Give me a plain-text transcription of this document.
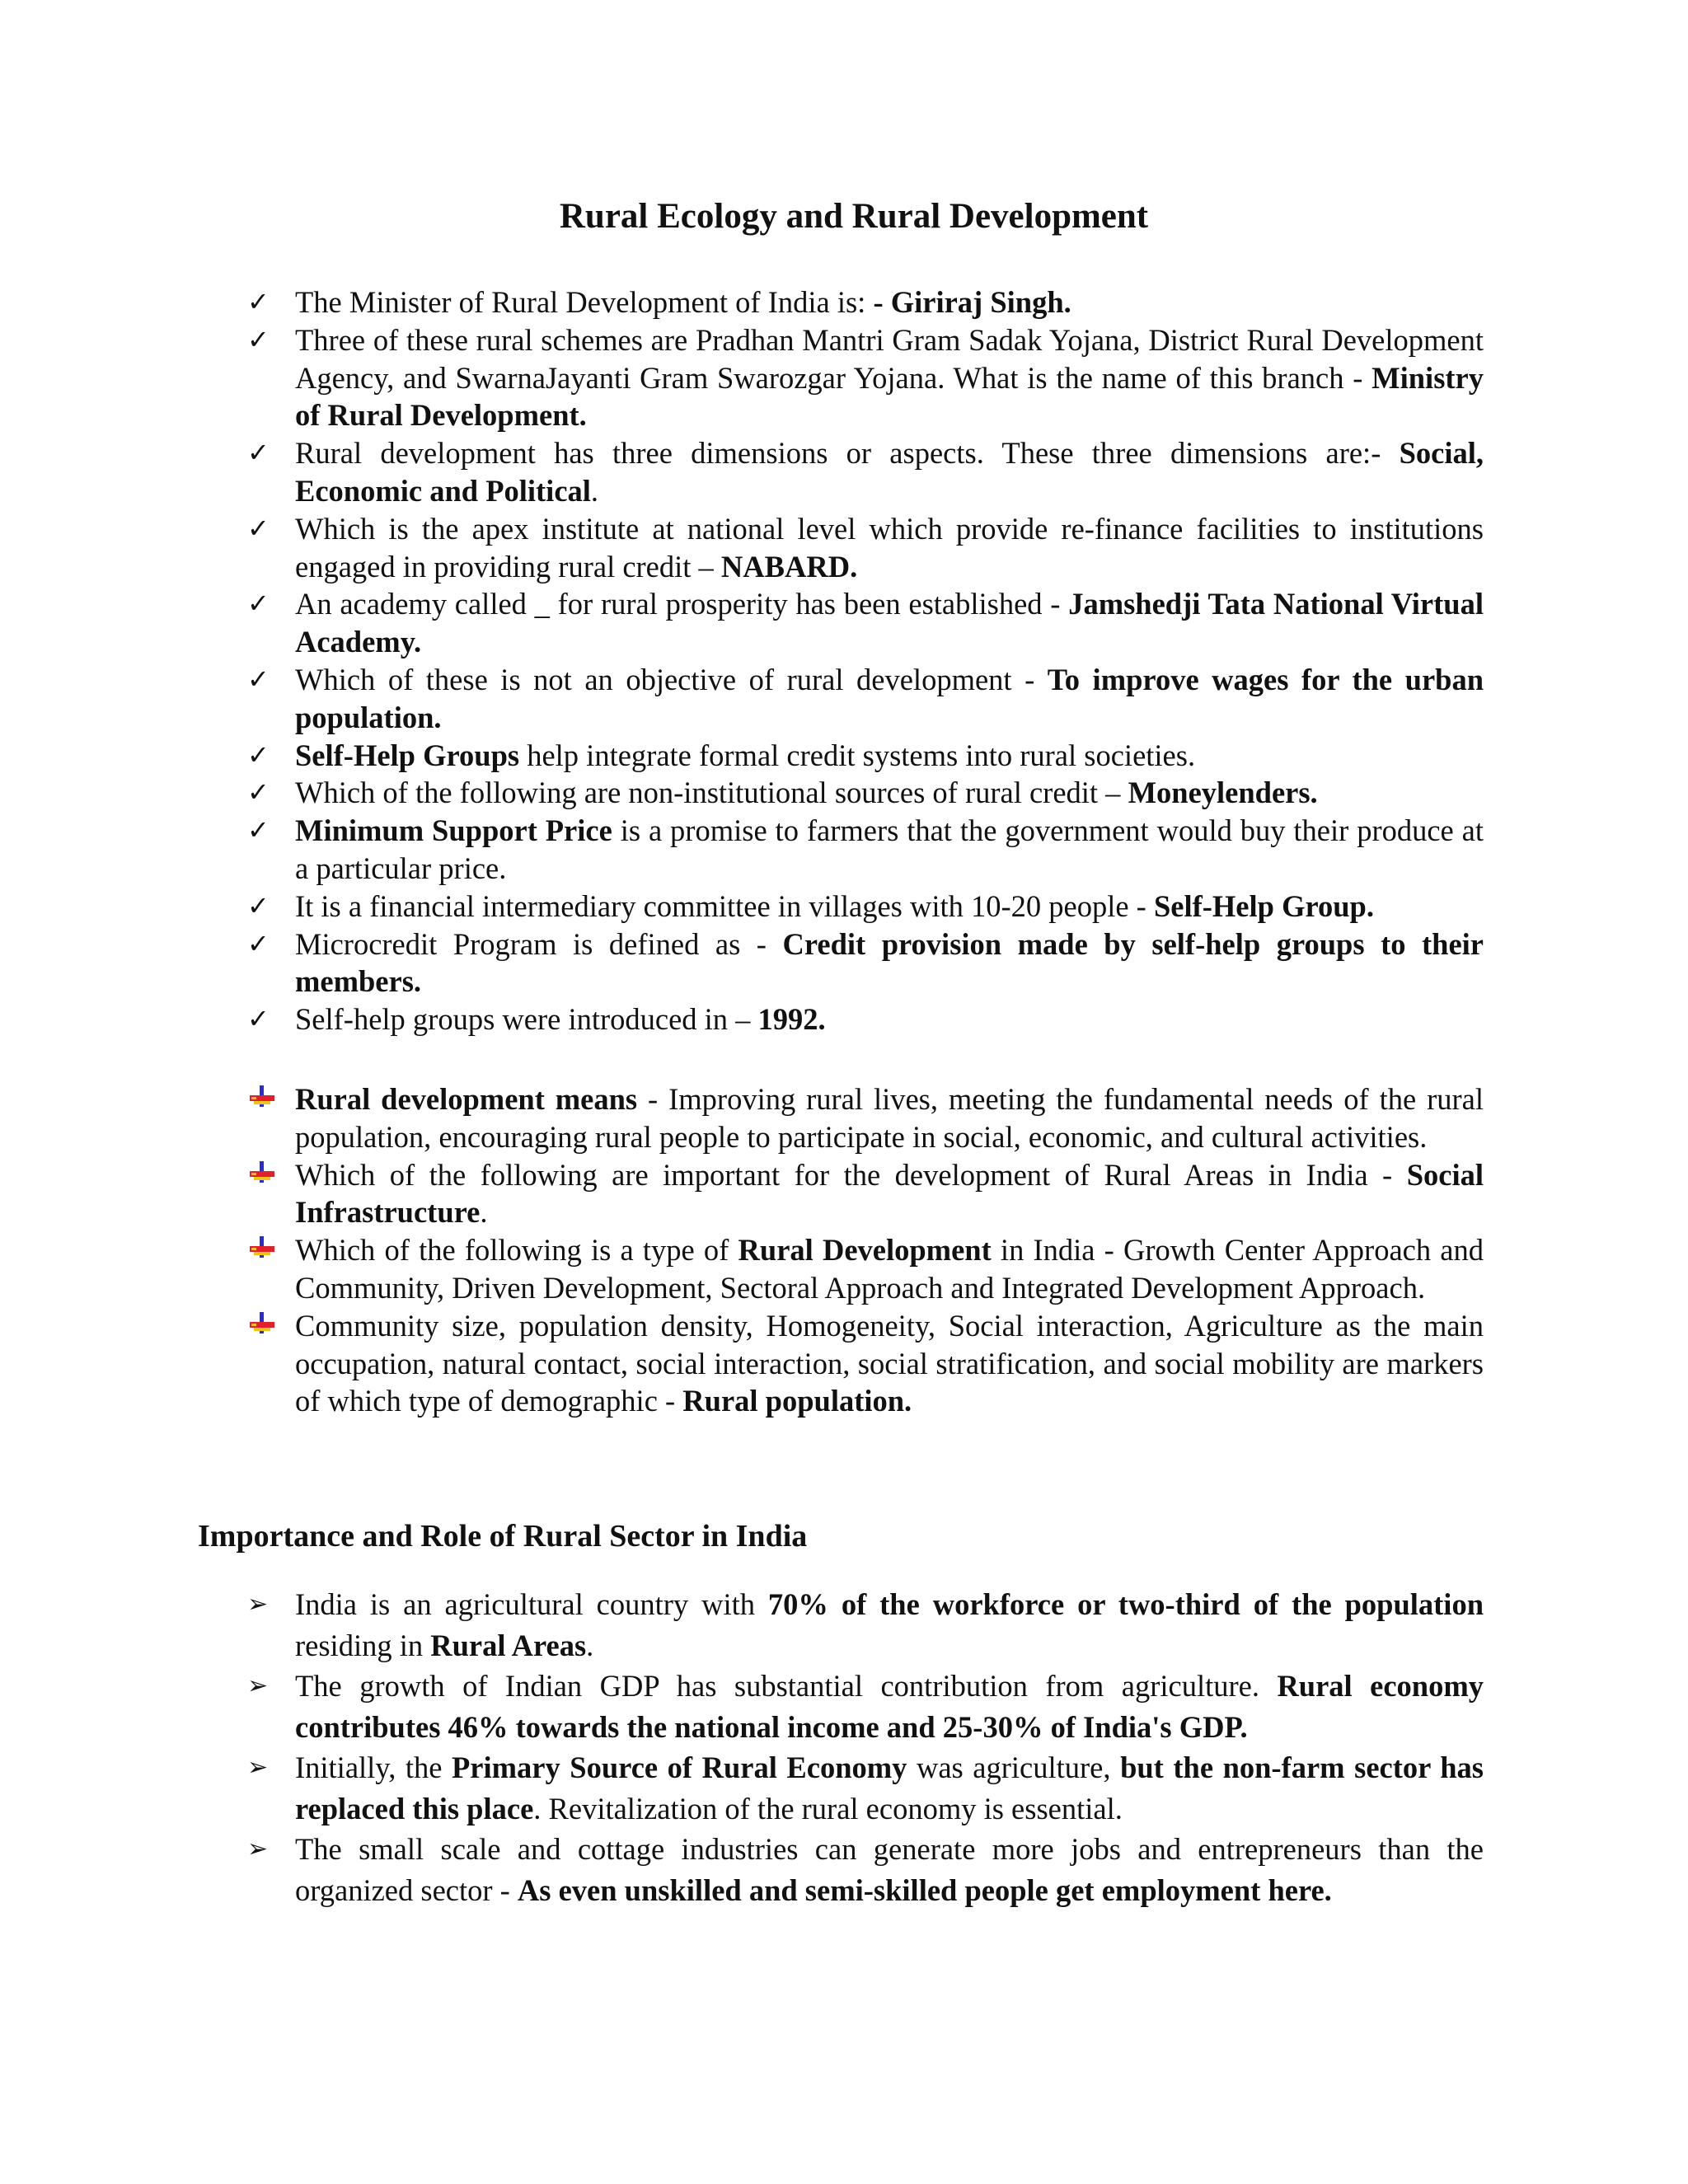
Rural Ecology and Rural Development
✓ The Minister of Rural Development of India is: - Giriraj Singh.
✓ Three of these rural schemes are Pradhan Mantri Gram Sadak Yojana, District Rural Development Agency, and SwarnaJayanti Gram Swarozgar Yojana. What is the name of this branch - Ministry of Rural Development.
✓ Rural development has three dimensions or aspects. These three dimensions are:- Social, Economic and Political.
✓ Which is the apex institute at national level which provide re-finance facilities to institutions engaged in providing rural credit – NABARD.
✓ An academy called _ for rural prosperity has been established - Jamshedji Tata National Virtual Academy.
✓ Which of these is not an objective of rural development - To improve wages for the urban population.
✓ Self-Help Groups help integrate formal credit systems into rural societies.
✓ Which of the following are non-institutional sources of rural credit – Moneylenders.
✓ Minimum Support Price is a promise to farmers that the government would buy their produce at a particular price.
✓ It is a financial intermediary committee in villages with 10-20 people - Self-Help Group.
✓ Microcredit Program is defined as - Credit provision made by self-help groups to their members.
✓ Self-help groups were introduced in – 1992.
Rural development means - Improving rural lives, meeting the fundamental needs of the rural population, encouraging rural people to participate in social, economic, and cultural activities.
Which of the following are important for the development of Rural Areas in India - Social Infrastructure.
Which of the following is a type of Rural Development in India - Growth Center Approach and Community, Driven Development, Sectoral Approach and Integrated Development Approach.
Community size, population density, Homogeneity, Social interaction, Agriculture as the main occupation, natural contact, social interaction, social stratification, and social mobility are markers of which type of demographic - Rural population.
Importance and Role of Rural Sector in India
➢ India is an agricultural country with 70% of the workforce or two-third of the population residing in Rural Areas.
➢ The growth of Indian GDP has substantial contribution from agriculture. Rural economy contributes 46% towards the national income and 25-30% of India's GDP.
➢ Initially, the Primary Source of Rural Economy was agriculture, but the non-farm sector has replaced this place. Revitalization of the rural economy is essential.
➢ The small scale and cottage industries can generate more jobs and entrepreneurs than the organized sector - As even unskilled and semi-skilled people get employment here.
